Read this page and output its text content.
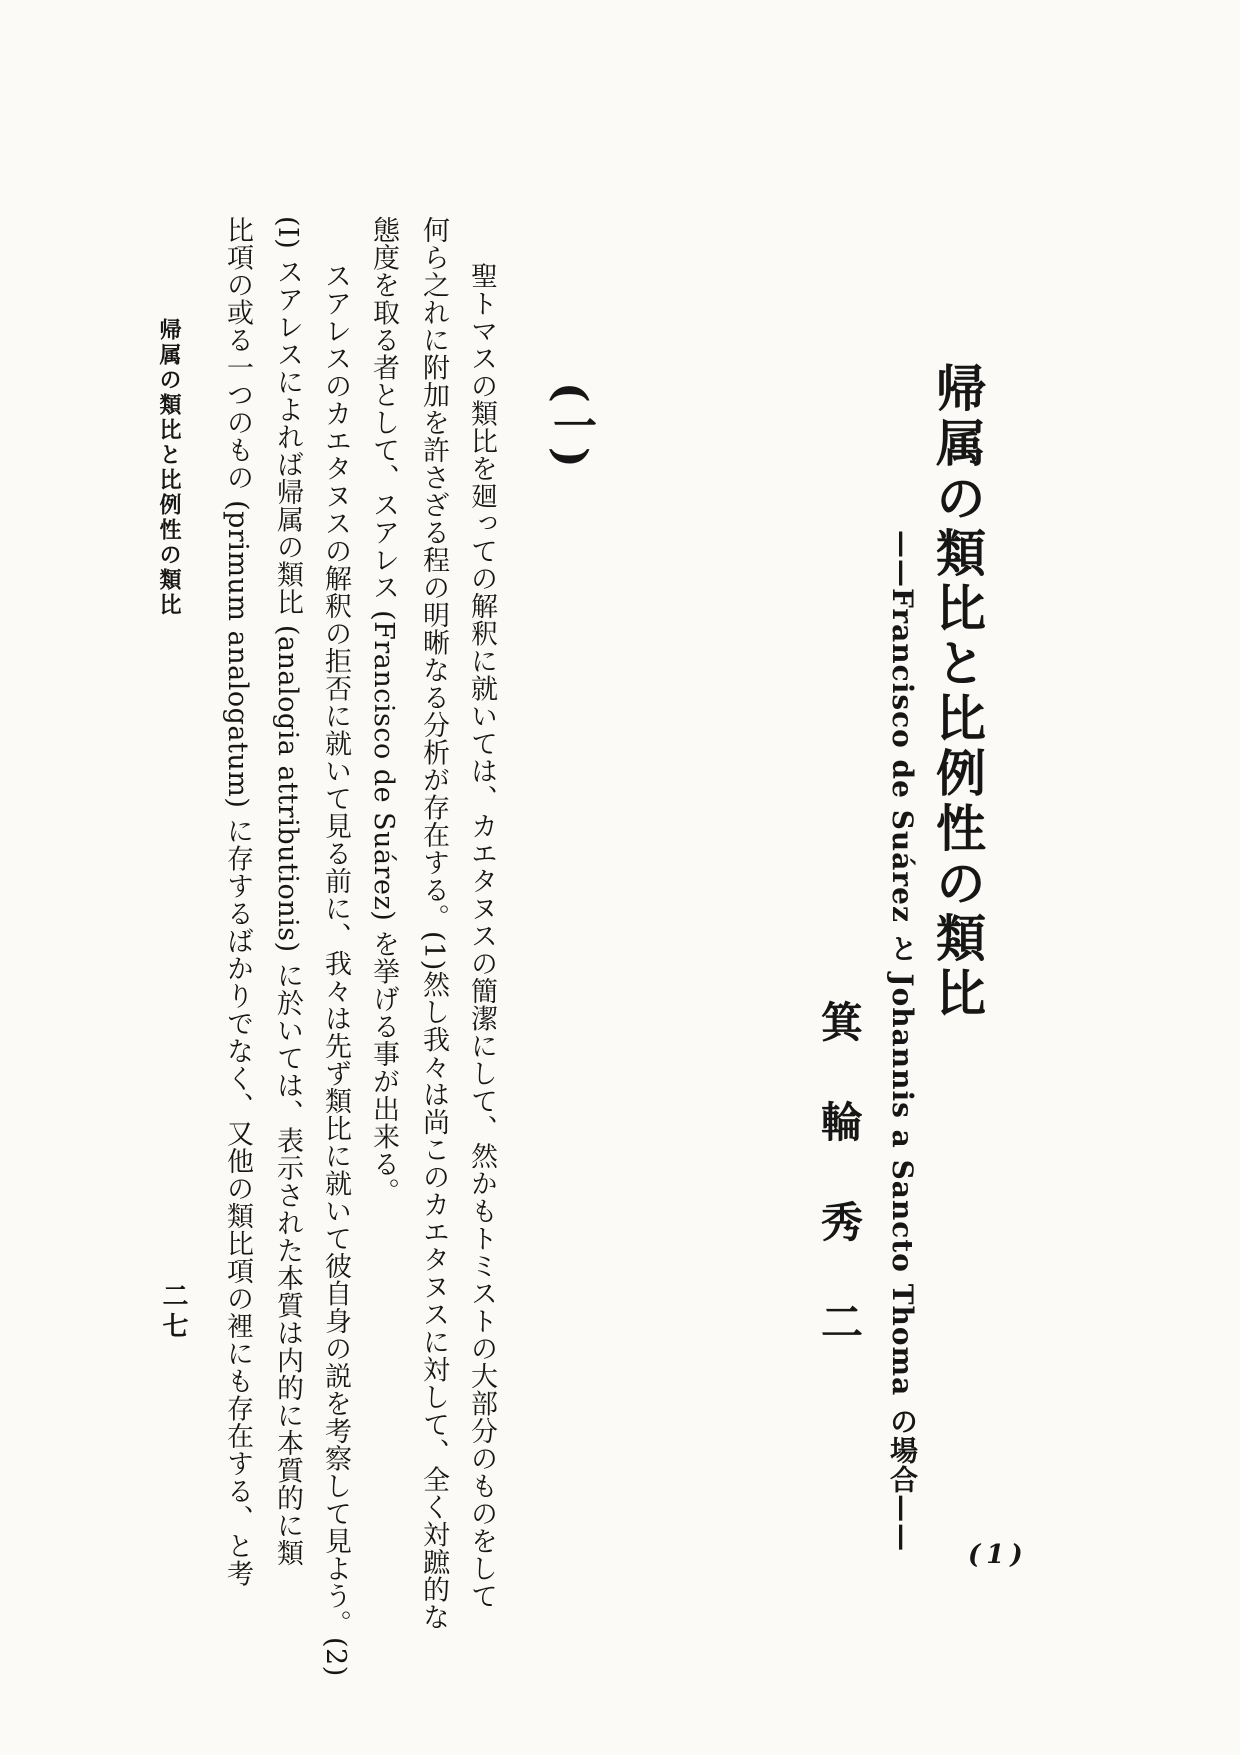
帰属の類比と比例性の類比
——Francisco de Suárez と Johannis a Sancto Thoma の場合——
箕輪秀二
(1)
(一)
聖トマスの類比を廻っての解釈に就いては、カエタヌスの簡潔にして、然かもトミストの大部分のものをして
何ら之れに附加を許さざる程の明晰なる分析が存在する。(1)然し我々は尚このカエタヌスに対して、全く対蹠的な
態度を取る者として、スアレス (Francisco de Suárez) を挙げる事が出来る。
スアレスのカエタヌスの解釈の拒否に就いて見る前に、我々は先ず類比に就いて彼自身の説を考察して見よう。(2)
(I) スアレスによれば帰属の類比 (analogia attributionis) に於いては、表示された本質は内的に本質的に類
比項の或る一つのもの (primum analogatum) に存するばかりでなく、又他の類比項の裡にも存在する、と考
帰属の類比と比例性の類比
二七
